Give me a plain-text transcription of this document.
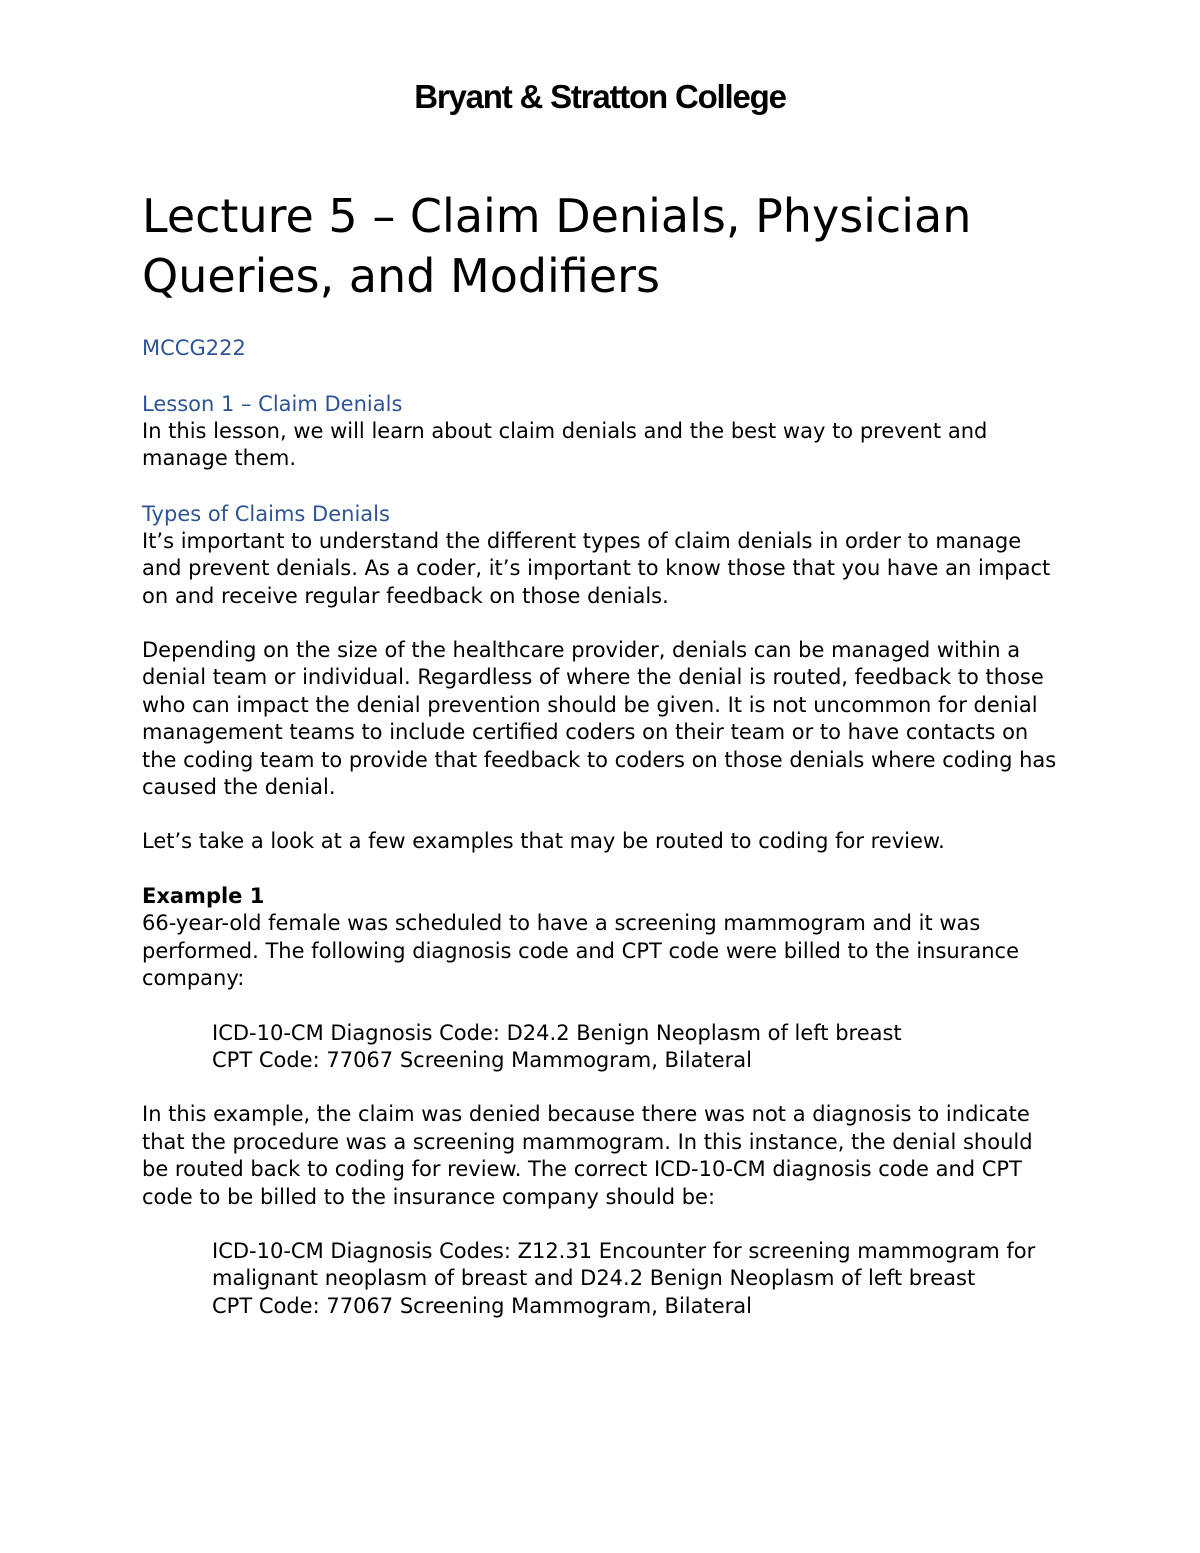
Bryant & Stratton College
Lecture 5 – Claim Denials, Physician
Queries, and Modifiers
MCCG222
Lesson 1 – Claim Denials

In this lesson, we will learn about claim denials and the best way to prevent and manage them.

Types of Claims Denials

It’s important to understand the different types of claim denials in order to manage and prevent denials. As a coder, it’s important to know those that you have an impact on and receive regular feedback on those denials.

Depending on the size of the healthcare provider, denials can be managed within a denial team or individual. Regardless of where the denial is routed, feedback to those who can impact the denial prevention should be given. It is not uncommon for denial management teams to include certified coders on their team or to have contacts on the coding team to provide that feedback to coders on those denials where coding has caused the denial.

Let’s take a look at a few examples that may be routed to coding for review.

Example 1

66-year-old female was scheduled to have a screening mammogram and it was performed. The following diagnosis code and CPT code were billed to the insurance company:

ICD-10-CM Diagnosis Code: D24.2 Benign Neoplasm of left breast

CPT Code: 77067 Screening Mammogram, Bilateral

In this example, the claim was denied because there was not a diagnosis to indicate that the procedure was a screening mammogram. In this instance, the denial should be routed back to coding for review. The correct ICD-10-CM diagnosis code and CPT code to be billed to the insurance company should be:

ICD-10-CM Diagnosis Codes: Z12.31 Encounter for screening mammogram for malignant neoplasm of breast and D24.2 Benign Neoplasm of left breast

CPT Code: 77067 Screening Mammogram, Bilateral
